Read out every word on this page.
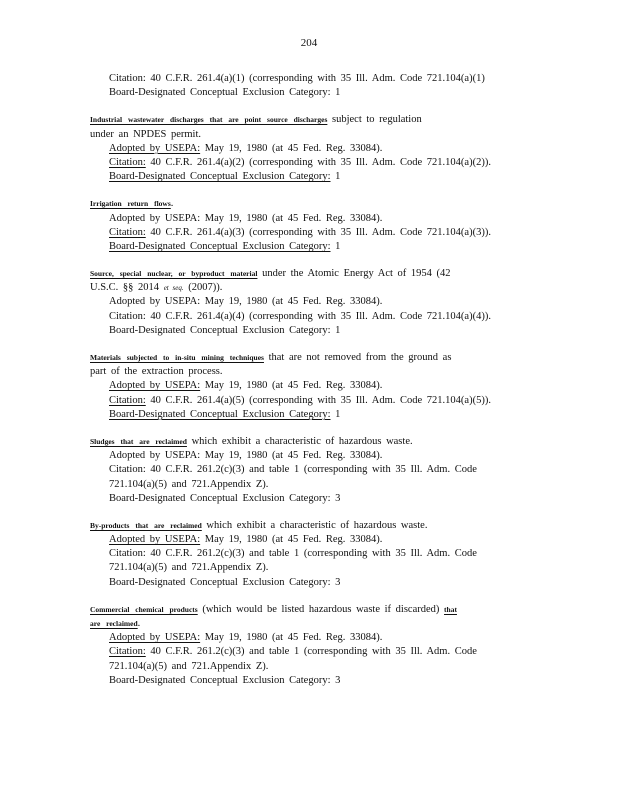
204
Citation: 40 C.F.R. 261.4(a)(1) (corresponding with 35 Ill. Adm. Code 721.104(a)(1)
Board-Designated Conceptual Exclusion Category: 1
Industrial wastewater discharges that are point source discharges subject to regulation
under an NPDES permit.
Adopted by USEPA: May 19, 1980 (at 45 Fed. Reg. 33084).
Citation: 40 C.F.R. 261.4(a)(2) (corresponding with 35 Ill. Adm. Code 721.104(a)(2)).
Board-Designated Conceptual Exclusion Category: 1
Irrigation return flows.
Adopted by USEPA: May 19, 1980 (at 45 Fed. Reg. 33084).
Citation: 40 C.F.R. 261.4(a)(3) (corresponding with 35 Ill. Adm. Code 721.104(a)(3)).
Board-Designated Conceptual Exclusion Category: 1
Source, special nuclear, or byproduct material under the Atomic Energy Act of 1954 (42
U.S.C. §§ 2014 et seq. (2007)).
Adopted by USEPA: May 19, 1980 (at 45 Fed. Reg. 33084).
Citation: 40 C.F.R. 261.4(a)(4) (corresponding with 35 Ill. Adm. Code 721.104(a)(4)).
Board-Designated Conceptual Exclusion Category: 1
Materials subjected to in-situ mining techniques that are not removed from the ground as
part of the extraction process.
Adopted by USEPA: May 19, 1980 (at 45 Fed. Reg. 33084).
Citation: 40 C.F.R. 261.4(a)(5) (corresponding with 35 Ill. Adm. Code 721.104(a)(5)).
Board-Designated Conceptual Exclusion Category: 1
Sludges that are reclaimed which exhibit a characteristic of hazardous waste.
Adopted by USEPA: May 19, 1980 (at 45 Fed. Reg. 33084).
Citation: 40 C.F.R. 261.2(c)(3) and table 1 (corresponding with 35 Ill. Adm. Code
721.104(a)(5) and 721.Appendix Z).
Board-Designated Conceptual Exclusion Category: 3
By-products that are reclaimed which exhibit a characteristic of hazardous waste.
Adopted by USEPA: May 19, 1980 (at 45 Fed. Reg. 33084).
Citation: 40 C.F.R. 261.2(c)(3) and table 1 (corresponding with 35 Ill. Adm. Code
721.104(a)(5) and 721.Appendix Z).
Board-Designated Conceptual Exclusion Category: 3
Commercial chemical products (which would be listed hazardous waste if discarded) that
are reclaimed.
Adopted by USEPA: May 19, 1980 (at 45 Fed. Reg. 33084).
Citation: 40 C.F.R. 261.2(c)(3) and table 1 (corresponding with 35 Ill. Adm. Code
721.104(a)(5) and 721.Appendix Z).
Board-Designated Conceptual Exclusion Category: 3
